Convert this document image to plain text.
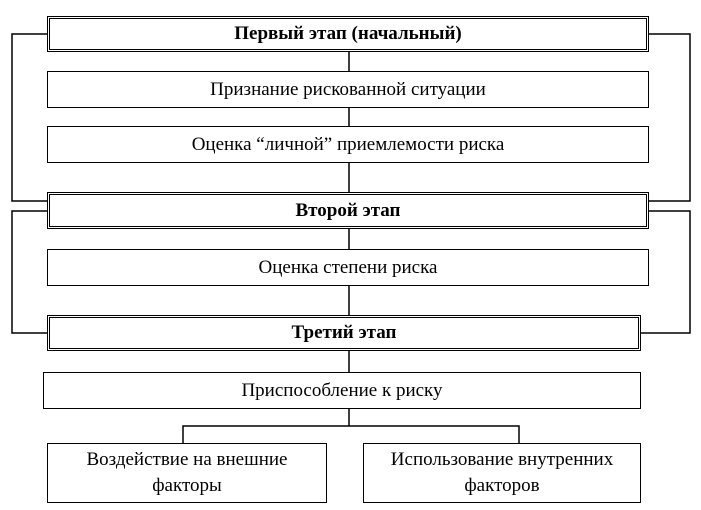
Первый этап (начальный)
Признание рискованной ситуации
Оценка “личной” приемлемости риска
Второй этап
Оценка степени риска
Третий этап
Приспособление к риску
Воздействие на внешние
факторы
Использование внутренних
факторов
